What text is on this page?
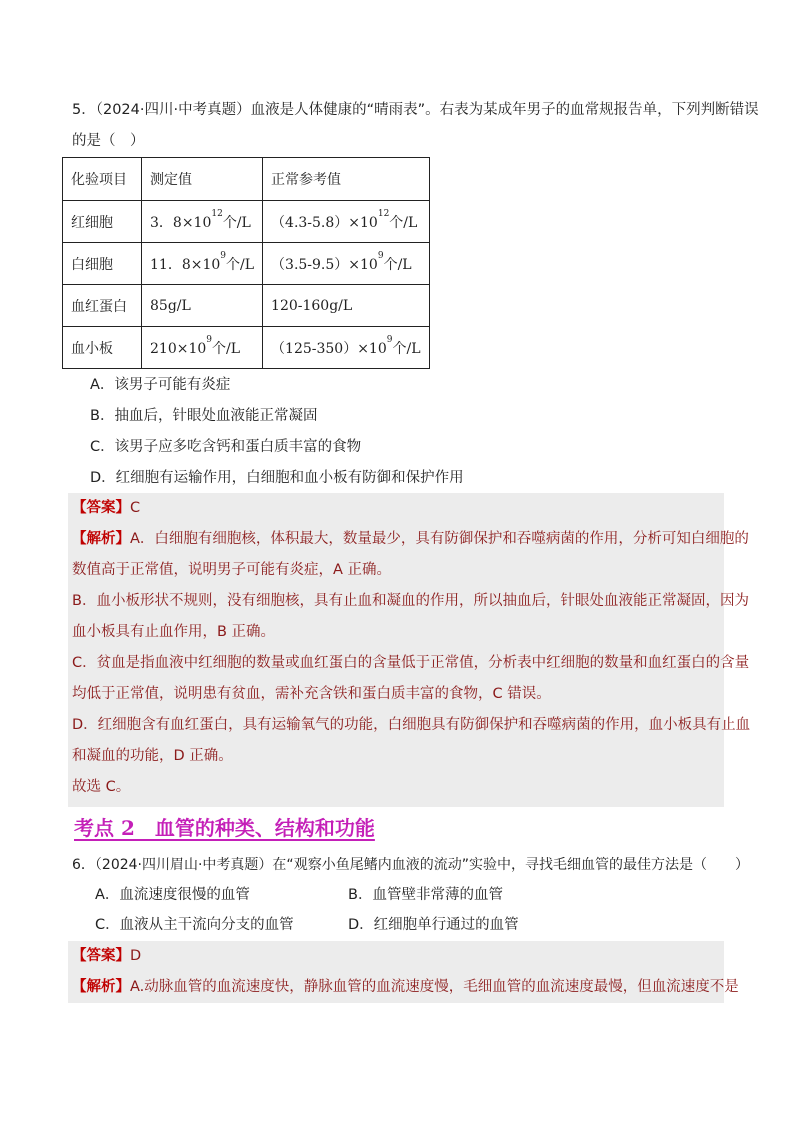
5．（2024·四川·中考真题）血液是人体健康的“晴雨表”。右表为某成年男子的血常规报告单，下列判断错误
的是（　）
化验项目	测定值	正常参考值
红细胞	3．$8\times 10^{12}$个/L	$(4.3-5.8)\times 10^{12}$个/L
白细胞	11．$8\times 10^9$个/L	$(3.5-9.5)\times 10^9$个/L
血红蛋白	85g/L	120-160g/L
血小板	$210\times 10^9$个/L	$(125-350)\times 10^9$个/L
A．该男子可能有炎症
B．抽血后，针眼处血液能正常凝固
C．该男子应多吃含钙和蛋白质丰富的食物
D．红细胞有运输作用，白细胞和血小板有防御和保护作用
【答案】C
【解析】A．白细胞有细胞核，体积最大，数量最少，具有防御保护和吞噬病菌的作用，分析可知白细胞的
数值高于正常值，说明男子可能有炎症，A 正确。
B．血小板形状不规则，没有细胞核，具有止血和凝血的作用，所以抽血后，针眼处血液能正常凝固，因为
血小板具有止血作用，B 正确。
C．贫血是指血液中红细胞的数量或血红蛋白的含量低于正常值，分析表中红细胞的数量和血红蛋白的含量
均低于正常值，说明患有贫血，需补充含铁和蛋白质丰富的食物，C 错误。
D．红细胞含有血红蛋白，具有运输氧气的功能，白细胞具有防御保护和吞噬病菌的作用，血小板具有止血
和凝血的功能，D 正确。
故选 C。
考点 2　血管的种类、结构和功能
6．（2024·四川眉山·中考真题）在“观察小鱼尾鳍内血液的流动”实验中，寻找毛细血管的最佳方法是（　　）
A．血流速度很慢的血管	B．血管壁非常薄的血管
C．血液从主干流向分支的血管	D．红细胞单行通过的血管
【答案】D
【解析】A.动脉血管的血流速度快，静脉血管的血流速度慢，毛细血管的血流速度最慢，但血流速度不是
